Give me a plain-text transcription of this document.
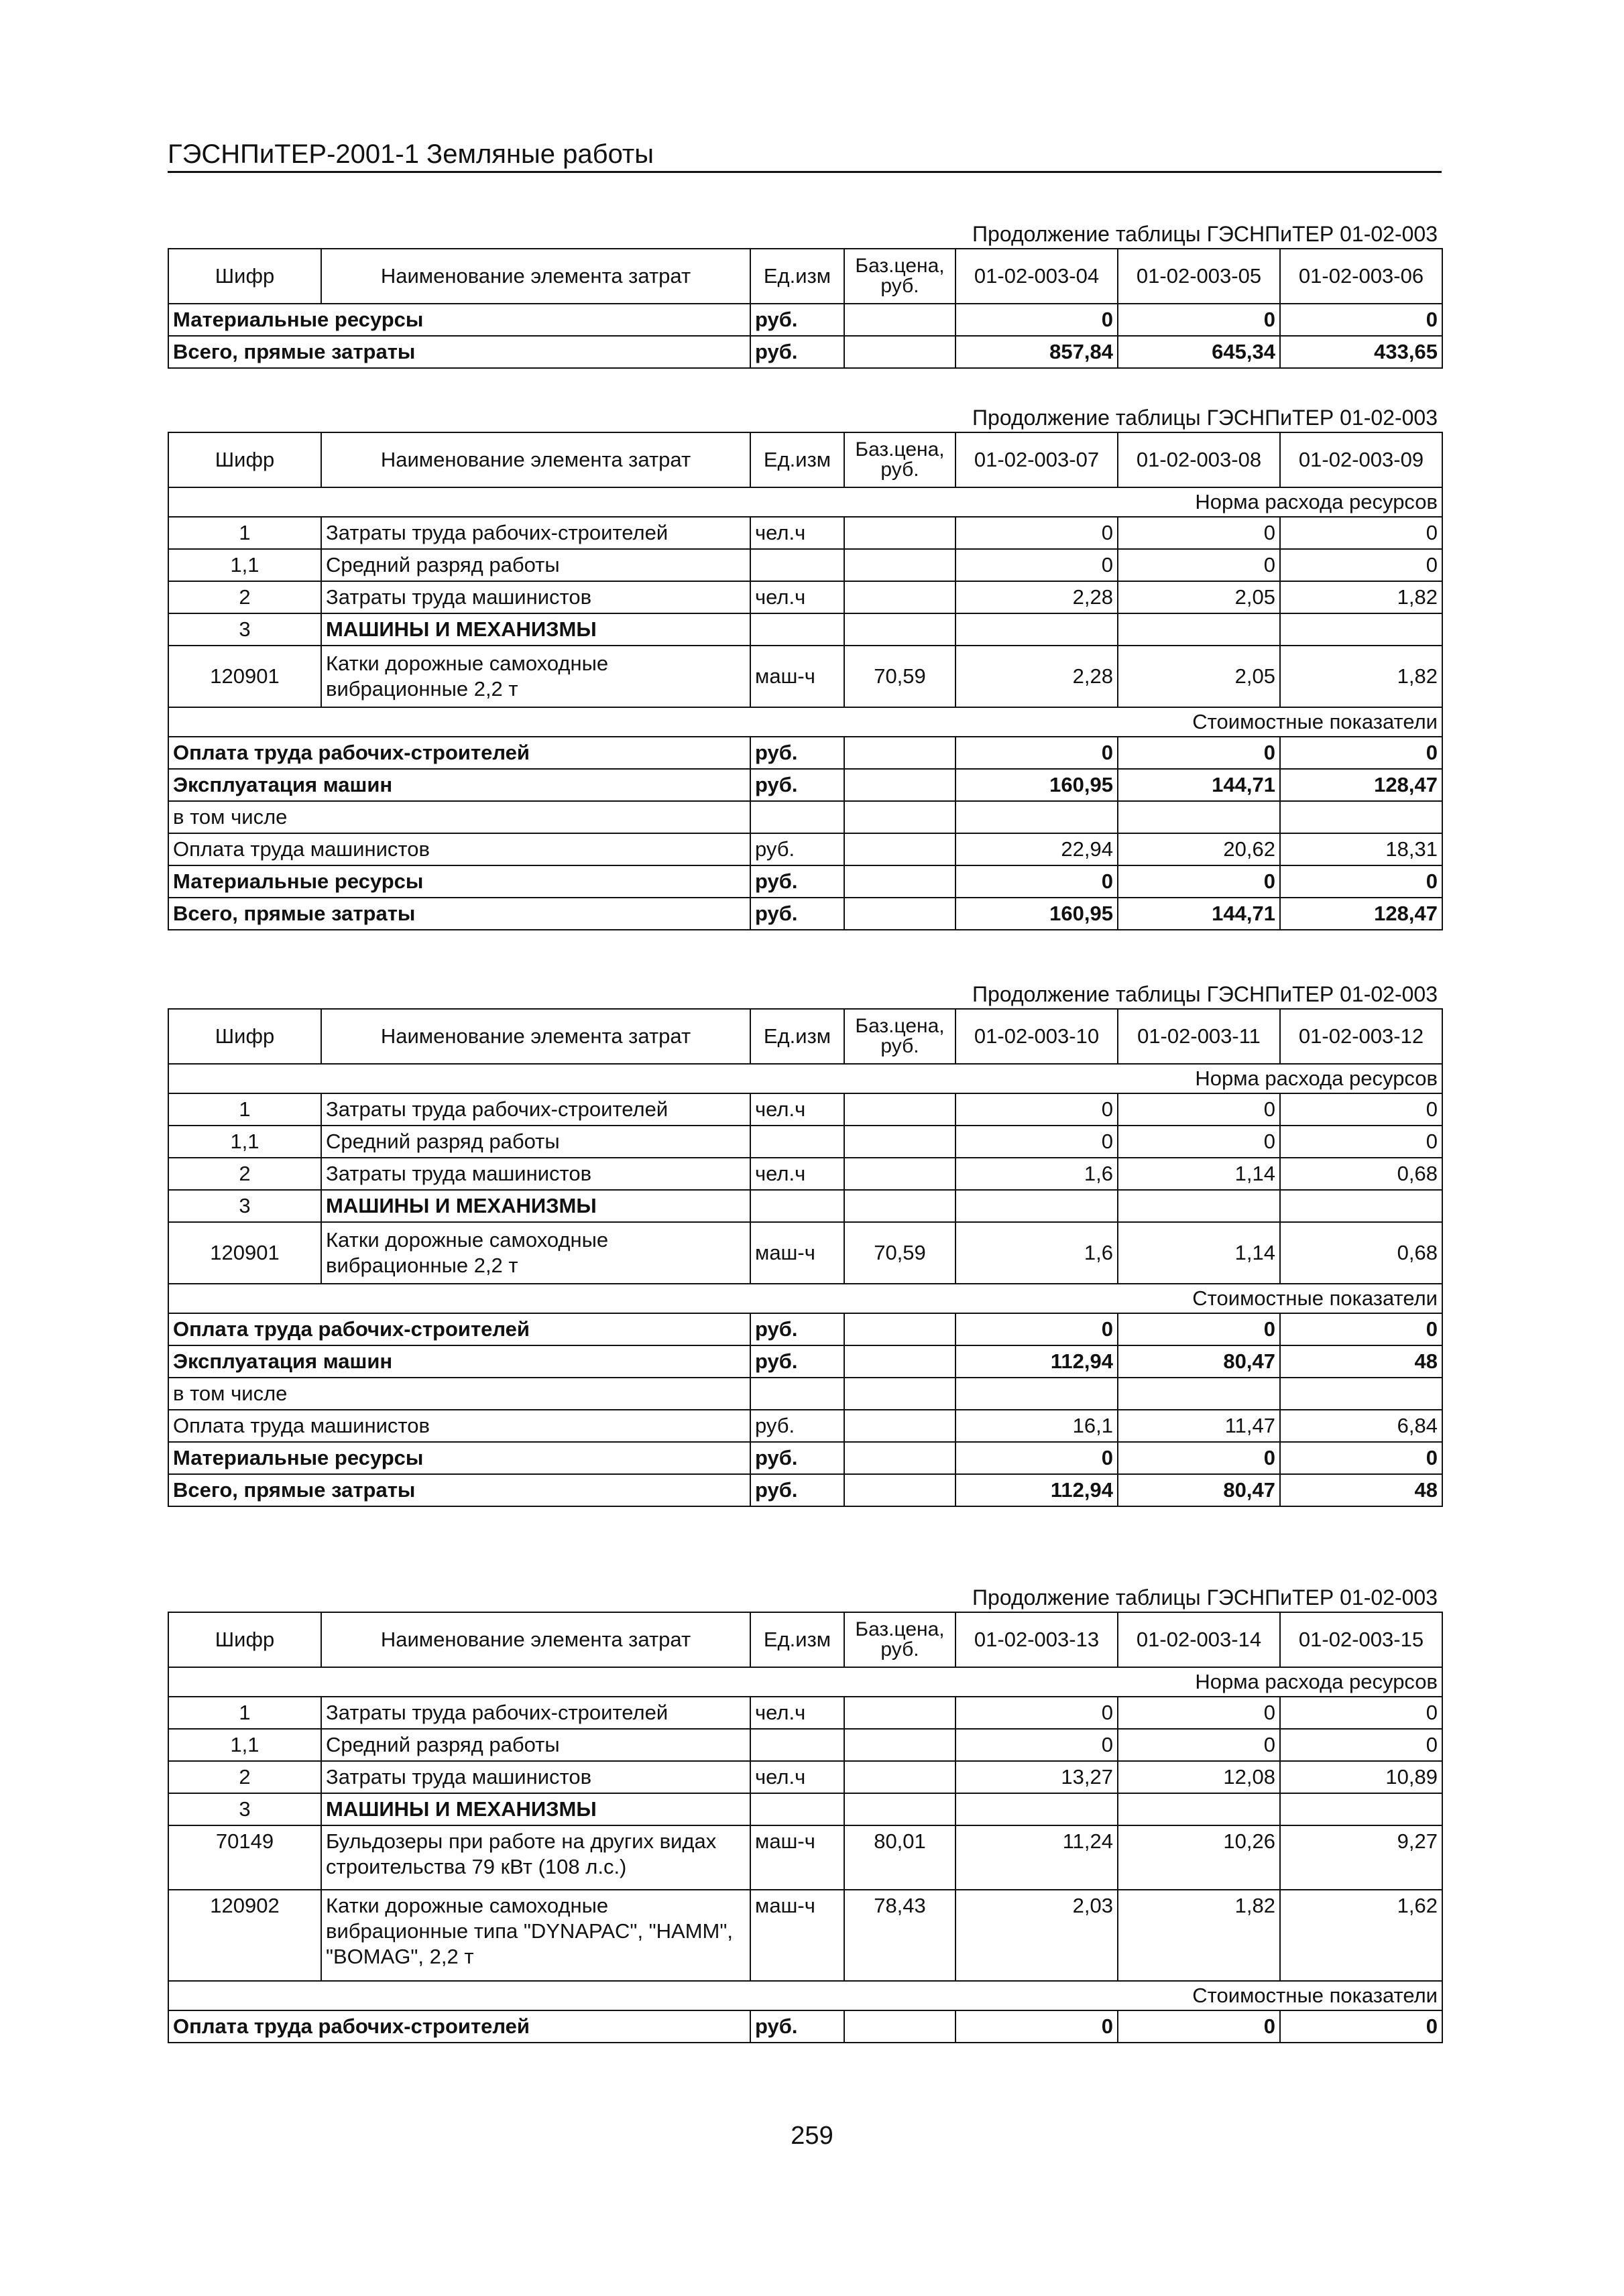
ГЭСНПиТЕР-2001-1 Земляные работы
Продолжение таблицы ГЭСНПиТЕР 01-02-003
Шифр	Наименование элемента затрат	Ед.изм	Баз.цена, руб.	01-02-003-04	01-02-003-05	01-02-003-06
Материальные ресурсы		руб.		0	0	0
Всего, прямые затраты		руб.		857,84	645,34	433,65
Продолжение таблицы ГЭСНПиТЕР 01-02-003
Шифр	Наименование элемента затрат	Ед.изм	Баз.цена, руб.	01-02-003-07	01-02-003-08	01-02-003-09
Норма расхода ресурсов						
1	Затраты труда рабочих-строителей	чел.ч		0	0	0
1,1	Средний разряд работы			0	0	0
2	Затраты труда машинистов	чел.ч		2,28	2,05	1,82
3	МАШИНЫ И МЕХАНИЗМЫ					
120901	Катки дорожные самоходные вибрационные 2,2 т	маш-ч	70,59	2,28	2,05	1,82
Стоимостные показатели						
Оплата труда рабочих-строителей		руб.		0	0	0
Эксплуатация машин		руб.		160,95	144,71	128,47
в том числе						
Оплата труда машинистов		руб.		22,94	20,62	18,31
Материальные ресурсы		руб.		0	0	0
Всего, прямые затраты		руб.		160,95	144,71	128,47
Продолжение таблицы ГЭСНПиТЕР 01-02-003
Шифр	Наименование элемента затрат	Ед.изм	Баз.цена, руб.	01-02-003-10	01-02-003-11	01-02-003-12
Норма расхода ресурсов						
1	Затраты труда рабочих-строителей	чел.ч		0	0	0
1,1	Средний разряд работы			0	0	0
2	Затраты труда машинистов	чел.ч		1,6	1,14	0,68
3	МАШИНЫ И МЕХАНИЗМЫ					
120901	Катки дорожные самоходные вибрационные 2,2 т	маш-ч	70,59	1,6	1,14	0,68
Стоимостные показатели						
Оплата труда рабочих-строителей		руб.		0	0	0
Эксплуатация машин		руб.		112,94	80,47	48
в том числе						
Оплата труда машинистов		руб.		16,1	11,47	6,84
Материальные ресурсы		руб.		0	0	0
Всего, прямые затраты		руб.		112,94	80,47	48
Продолжение таблицы ГЭСНПиТЕР 01-02-003
Шифр	Наименование элемента затрат	Ед.изм	Баз.цена, руб.	01-02-003-13	01-02-003-14	01-02-003-15
Норма расхода ресурсов						
1	Затраты труда рабочих-строителей	чел.ч		0	0	0
1,1	Средний разряд работы			0	0	0
2	Затраты труда машинистов	чел.ч		13,27	12,08	10,89
3	МАШИНЫ И МЕХАНИЗМЫ					
70149	Бульдозеры при работе на других видах строительства 79 кВт (108 л.с.)	маш-ч	80,01	11,24	10,26	9,27
120902	Катки дорожные самоходные вибрационные типа "DYNAPAC", "HAMM", "BOMAG", 2,2 т	маш-ч	78,43	2,03	1,82	1,62
Стоимостные показатели						
Оплата труда рабочих-строителей		руб.		0	0	0
259
